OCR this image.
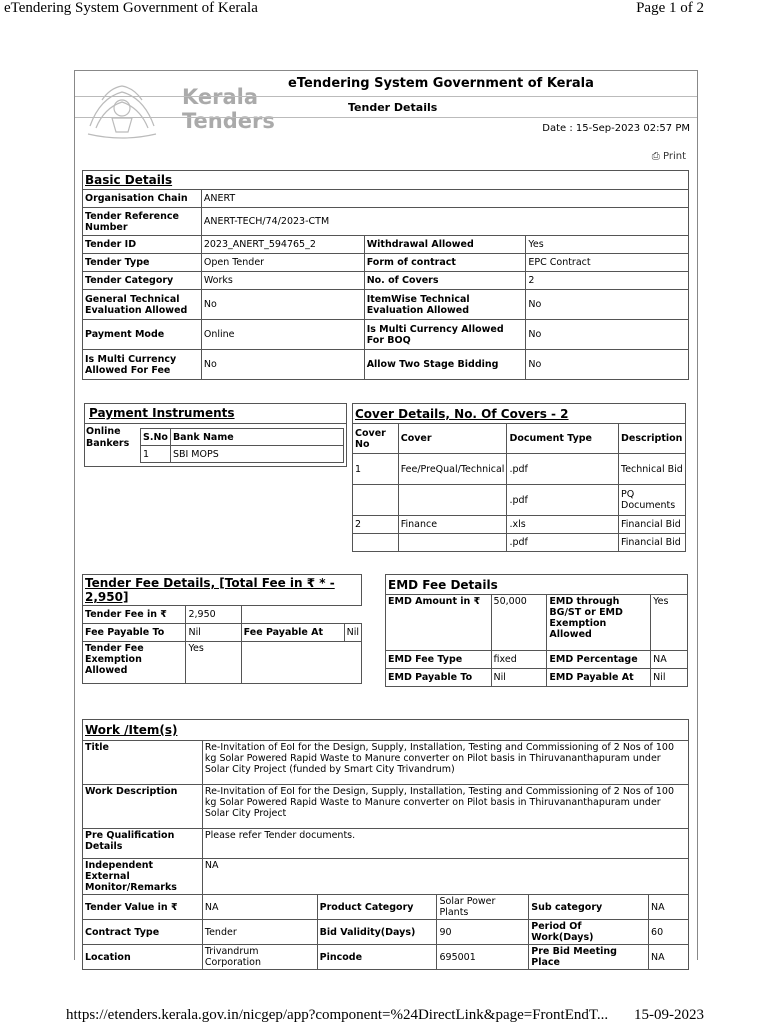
eTendering System Government of Kerala	Page 1 of 2
https://etenders.kerala.gov.in/nicgep/app?component=%24DirectLink&page=FrontEndT... 15-09-2023
Kerala
Tenders
eTendering System Government of Kerala
Tender Details
Date : 15-Sep-2023 02:57 PM
⎙ Print
Basic Details			
Organisation Chain	ANERT		
Tender Reference Number	ANERT-TECH/74/2023-CTM		
Tender ID	2023_ANERT_594765_2	Withdrawal Allowed	Yes
Tender Type	Open Tender	Form of contract	EPC Contract
Tender Category	Works	No. of Covers	2
General Technical Evaluation Allowed	No	ItemWise Technical Evaluation Allowed	No
Payment Mode	Online	Is Multi Currency Allowed For BOQ	No
Is Multi Currency Allowed For Fee	No	Allow Two Stage Bidding	No
Payment Instruments
Online Bankers
S.No	Bank Name
1	SBI MOPS
Cover Details, No. Of Covers - 2			
Cover No	Cover	Document Type	Description
1	Fee/PreQual/Technical	.pdf	Technical Bid
		.pdf	PQ Documents
2	Finance	.xls	Financial Bid
		.pdf	Financial Bid
Tender Fee Details, [Total Fee in ₹ * - 2,950]			
Tender Fee in ₹	2,950		
Fee Payable To	Nil	Fee Payable At	Nil
Tender Fee Exemption Allowed	Yes		
EMD Fee Details			
EMD Amount in ₹	50,000	EMD through BG/ST or EMD Exemption Allowed	Yes
EMD Fee Type	fixed	EMD Percentage	NA
EMD Payable To	Nil	EMD Payable At	Nil
Work /Item(s)					
Title	Re-Invitation of EoI for the Design, Supply, Installation, Testing and Commissioning of 2 Nos of 100 kg Solar Powered Rapid Waste to Manure converter on Pilot basis in Thiruvananthapuram under Solar City Project (funded by Smart City Trivandrum)				
Work Description	Re-Invitation of EoI for the Design, Supply, Installation, Testing and Commissioning of 2 Nos of 100 kg Solar Powered Rapid Waste to Manure converter on Pilot basis in Thiruvananthapuram under Solar City Project				
Pre Qualification Details	Please refer Tender documents.				
Independent External Monitor/Remarks	NA				
Tender Value in ₹	NA	Product Category	Solar Power Plants	Sub category	NA
Contract Type	Tender	Bid Validity(Days)	90	Period Of Work(Days)	60
Location	Trivandrum Corporation	Pincode	695001	Pre Bid Meeting Place	NA
